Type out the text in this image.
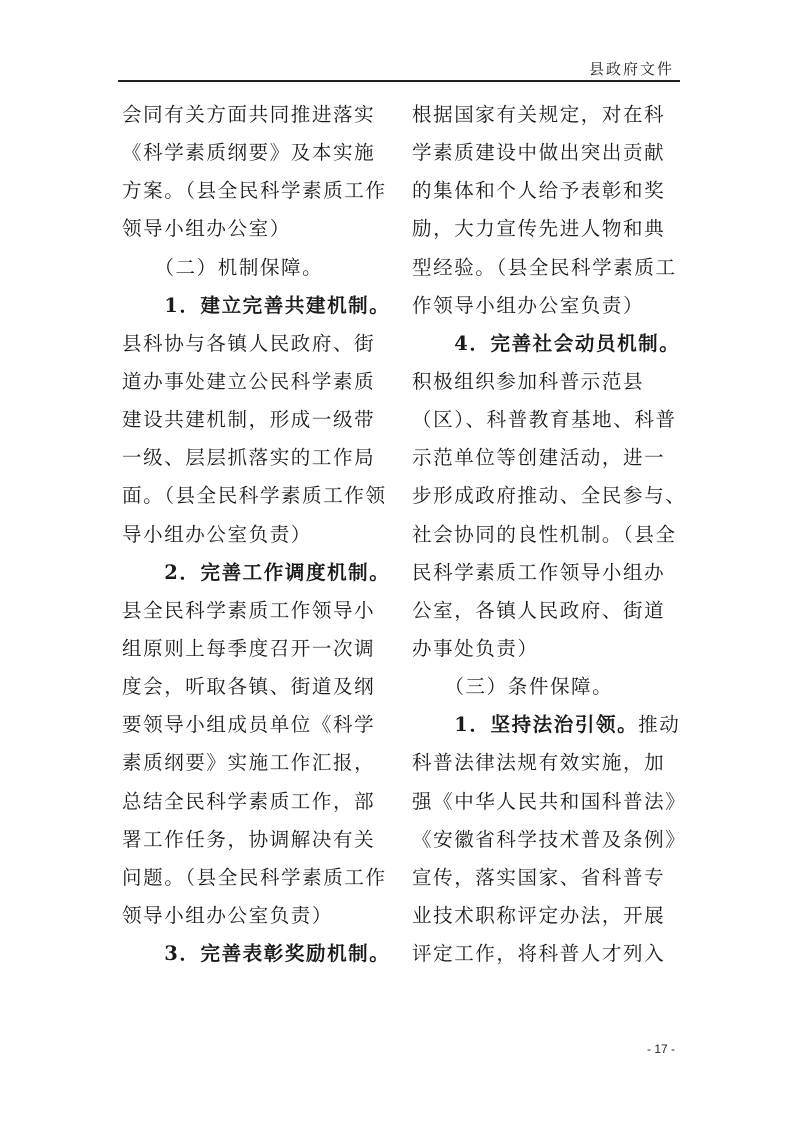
县政府文件
会同有关方面共同推进落实
《科学素质纲要》及本实施
方案。（县全民科学素质工作
领导小组办公室）
　　（二）机制保障。
　　1．建立完善共建机制。
县科协与各镇人民政府、街
道办事处建立公民科学素质
建设共建机制，形成一级带
一级、层层抓落实的工作局
面。（县全民科学素质工作领
导小组办公室负责）
　　2．完善工作调度机制。
县全民科学素质工作领导小
组原则上每季度召开一次调
度会，听取各镇、街道及纲
要领导小组成员单位《科学
素质纲要》实施工作汇报，
总结全民科学素质工作，部
署工作任务，协调解决有关
问题。（县全民科学素质工作
领导小组办公室负责）
　　3．完善表彰奖励机制。
根据国家有关规定，对在科
学素质建设中做出突出贡献
的集体和个人给予表彰和奖
励，大力宣传先进人物和典
型经验。（县全民科学素质工
作领导小组办公室负责）
　　4．完善社会动员机制。
积极组织参加科普示范县
（区）、科普教育基地、科普
示范单位等创建活动，进一
步形成政府推动、全民参与、
社会协同的良性机制。（县全
民科学素质工作领导小组办
公室，各镇人民政府、街道
办事处负责）
　　（三）条件保障。
　　1．坚持法治引领。推动
科普法律法规有效实施，加
强《中华人民共和国科普法》
《安徽省科学技术普及条例》
宣传，落实国家、省科普专
业技术职称评定办法，开展
评定工作，将科普人才列入
- 17 -
